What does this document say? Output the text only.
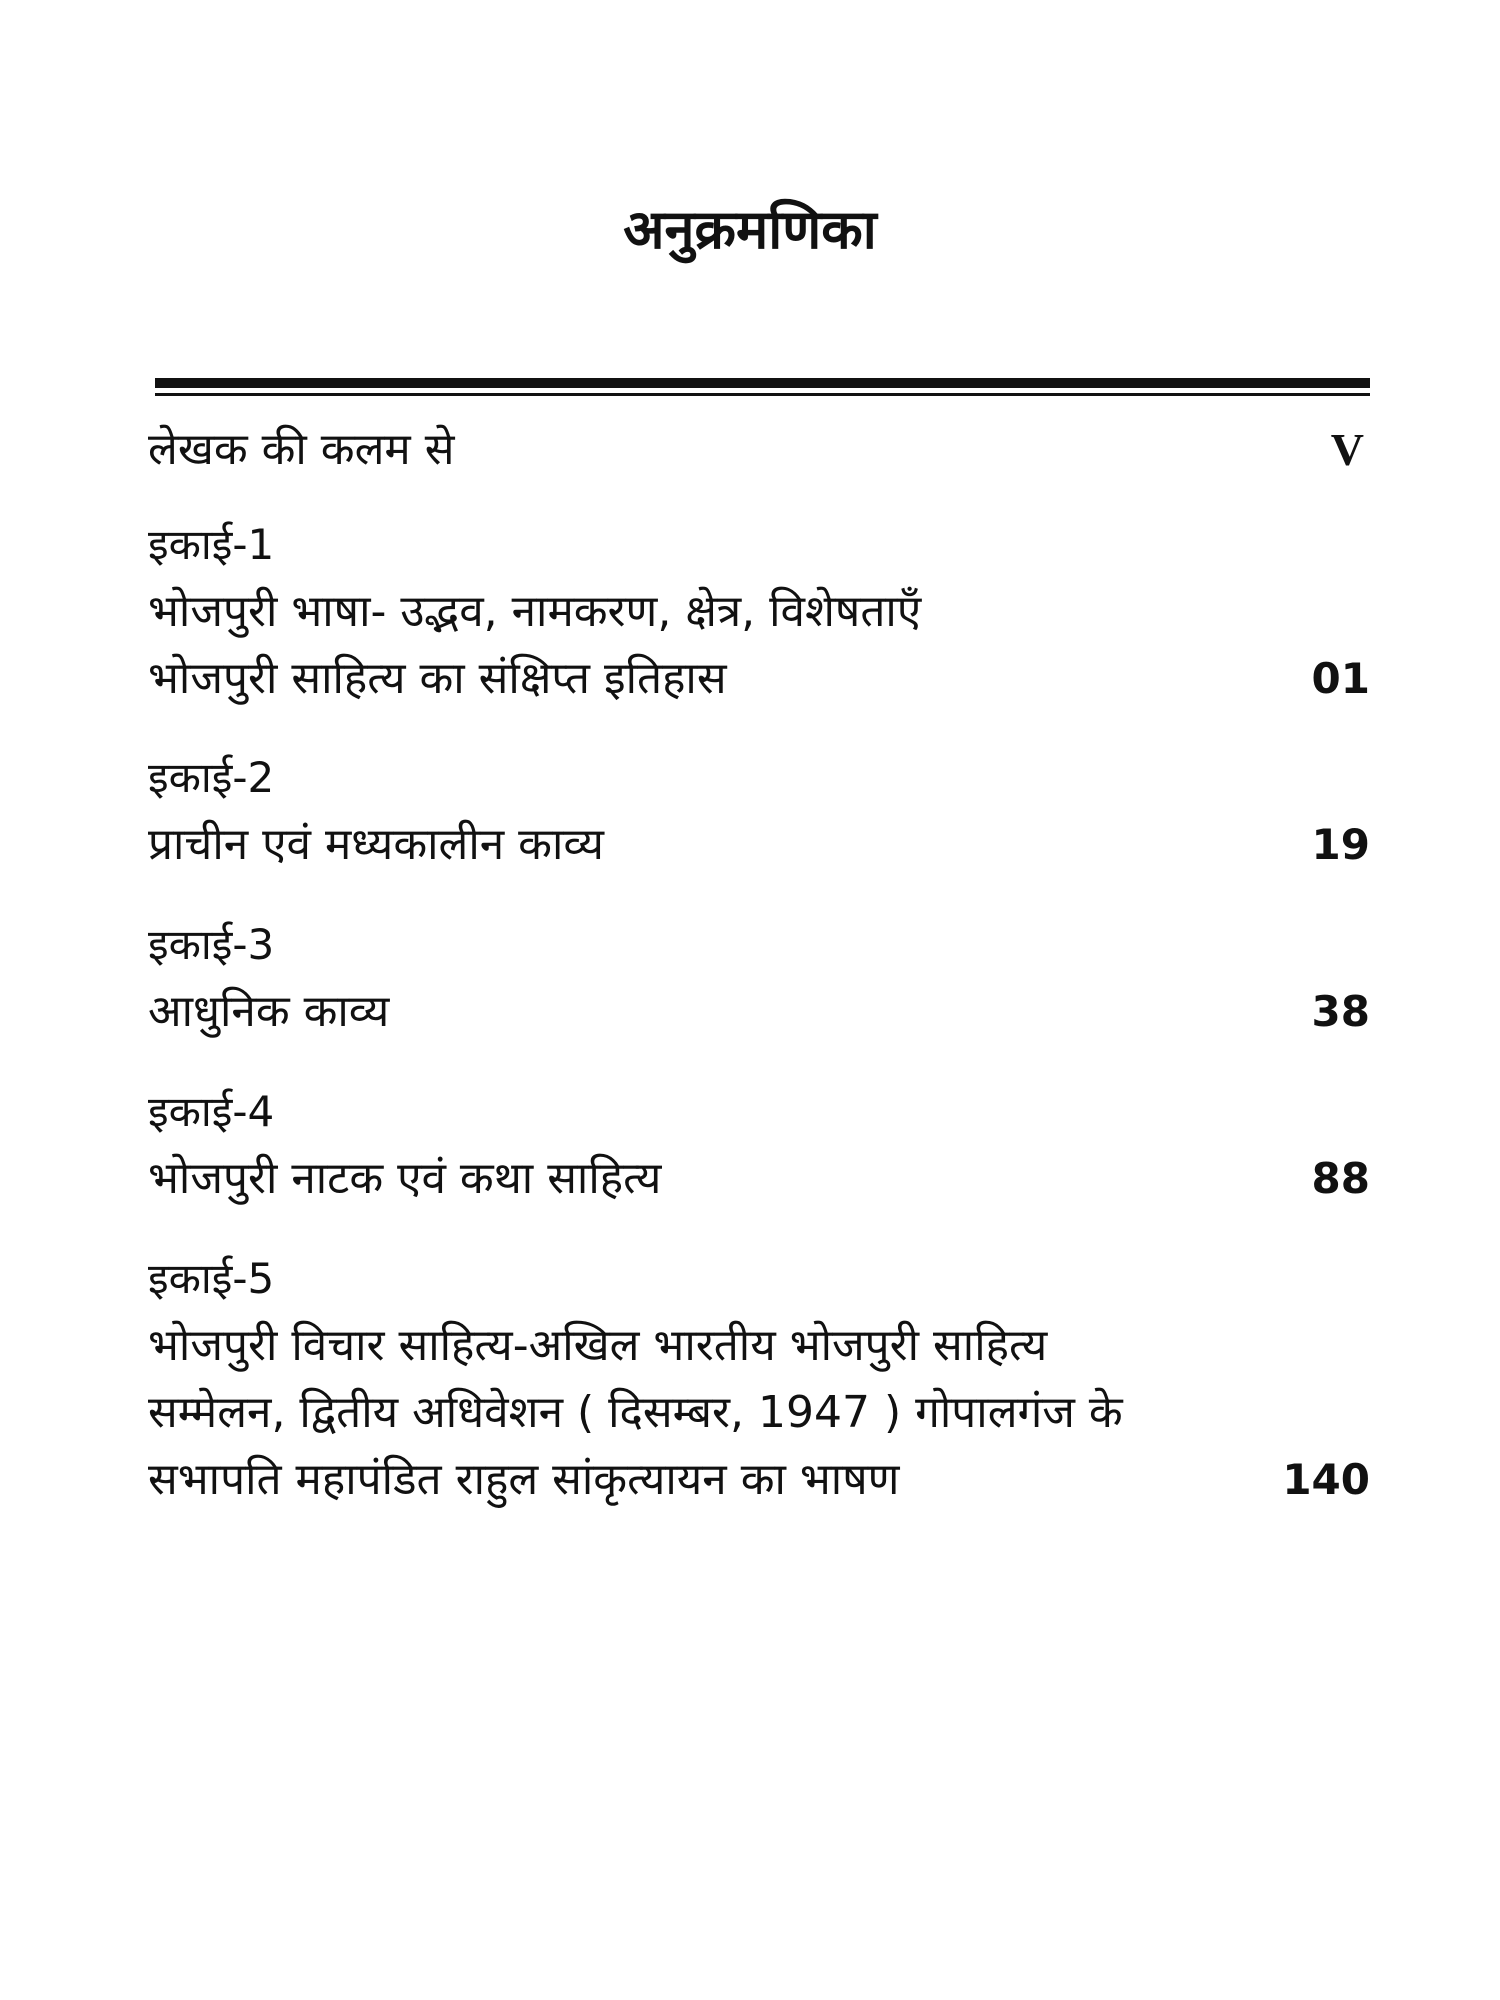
अनुक्रमणिका
लेखक की कलम से	V
इकाई-1
भोजपुरी भाषा- उद्भव, नामकरण, क्षेत्र, विशेषताएँ
भोजपुरी साहित्य का संक्षिप्त इतिहास	01
इकाई-2
प्राचीन एवं मध्यकालीन काव्य	19
इकाई-3
आधुनिक काव्य	38
इकाई-4
भोजपुरी नाटक एवं कथा साहित्य	88
इकाई-5
भोजपुरी विचार साहित्य-अखिल भारतीय भोजपुरी साहित्य
सम्मेलन, द्वितीय अधिवेशन ( दिसम्बर, 1947 ) गोपालगंज के
सभापति महापंडित राहुल सांकृत्यायन का भाषण	140
